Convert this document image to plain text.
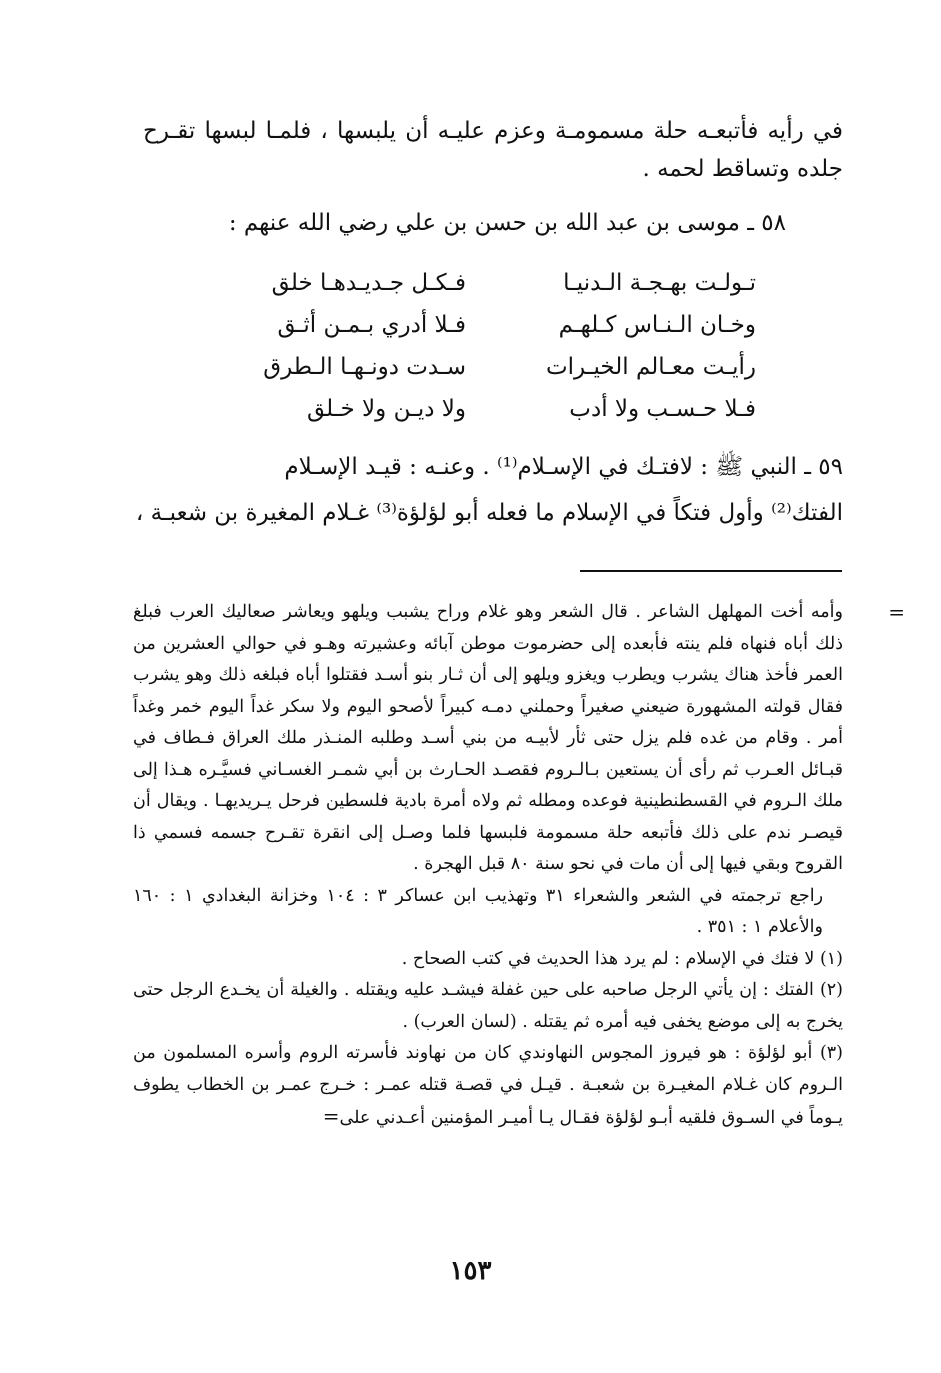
في رأيه فأتبعـه حلة مسمومـة وعزم عليـه أن يلبسها ، فلمـا لبسها تقـرح جلده وتساقط لحمه .

٥٨ ـ موسى بن عبد الله بن حسن بن علي رضي الله عنهم :
تـولـت بهـجـة الـدنيـا
فـكـل جـديـدهـا خلق
وخـان الـنـاس كـلهـم
فـلا أدري بـمـن أثـق
رأيـت معـالم الخيـرات
سـدت دونـهـا الـطرق
فـلا حـسـب ولا أدب
ولا ديـن ولا خـلق
٥٩ ـ النبي ﷺ : لافتـك في الإسـلام⁽¹⁾ . وعنـه : قيـد الإسـلام
الفتك⁽²⁾ وأول فتكاً في الإسلام ما فعله أبو لؤلؤة⁽³⁾ غـلام المغيرة بن شعبـة ،

=
وأمه أخت المهلهل الشاعر . قال الشعر وهو غلام وراح يشبب ويلهو ويعاشر صعاليك العرب فبلغ ذلك أباه فنهاه فلم ينته فأبعده إلى حضرموت موطن آبائه وعشيرته وهـو في حوالي العشرين من العمر فأخذ هناك يشرب ويطرب ويغزو ويلهو إلى أن ثـار بنو أسـد فقتلوا أباه فبلغه ذلك وهو يشرب فقال قولته المشهورة ضيعني صغيراً وحملني دمـه كبيراً لأصحو اليوم ولا سكر غداً اليوم خمر وغداً أمر . وقام من غده فلم يزل حتى ثأر لأبيـه من بني أسـد وطلبه المنـذر ملك العراق فـطاف في قبـائل العـرب ثم رأى أن يستعين بـالـروم فقصـد الحـارث بن أبي شمـر الغسـاني فسيَّـره هـذا إلى ملك الـروم في القسطنطينية فوعده ومطله ثم ولاه أمرة بادية فلسطين فرحل يـريديهـا . ويقال أن قيصـر ندم على ذلك فأتبعه حلة مسمومة فلبسها فلما وصـل إلى انقرة تقـرح جسمه فسمي ذا القروح وبقي فيها إلى أن مات في نحو سنة ٨٠ قبل الهجرة .

راجع ترجمته في الشعر والشعراء ٣١ وتهذيب ابن عساكر ٣ : ١٠٤ وخزانة البغدادي ١ : ١٦٠ والأعلام ١ : ٣٥١ .

(١) لا فتك في الإسلام : لم يرد هذا الحديث في كتب الصحاح .

(٢) الفتك : إن يأتي الرجل صاحبه على حين غفلة فيشـد عليه ويقتله . والغيلة أن يخـدع الرجل حتى يخرج به إلى موضع يخفى فيه أمره ثم يقتله . (لسان العرب) .

(٣) أبو لؤلؤة : هو فيروز المجوس النهاوندي كان من نهاوند فأسرته الروم وأسره المسلمون من الـروم كان غـلام المغيـرة بن شعبـة . قيـل في قصـة قتله عمـر : خـرج عمـر بن الخطاب يطوف يـوماً في السـوق فلقيه أبـو لؤلؤة فقـال يـا أميـر المؤمنين أعـدني على=

١٥٣
